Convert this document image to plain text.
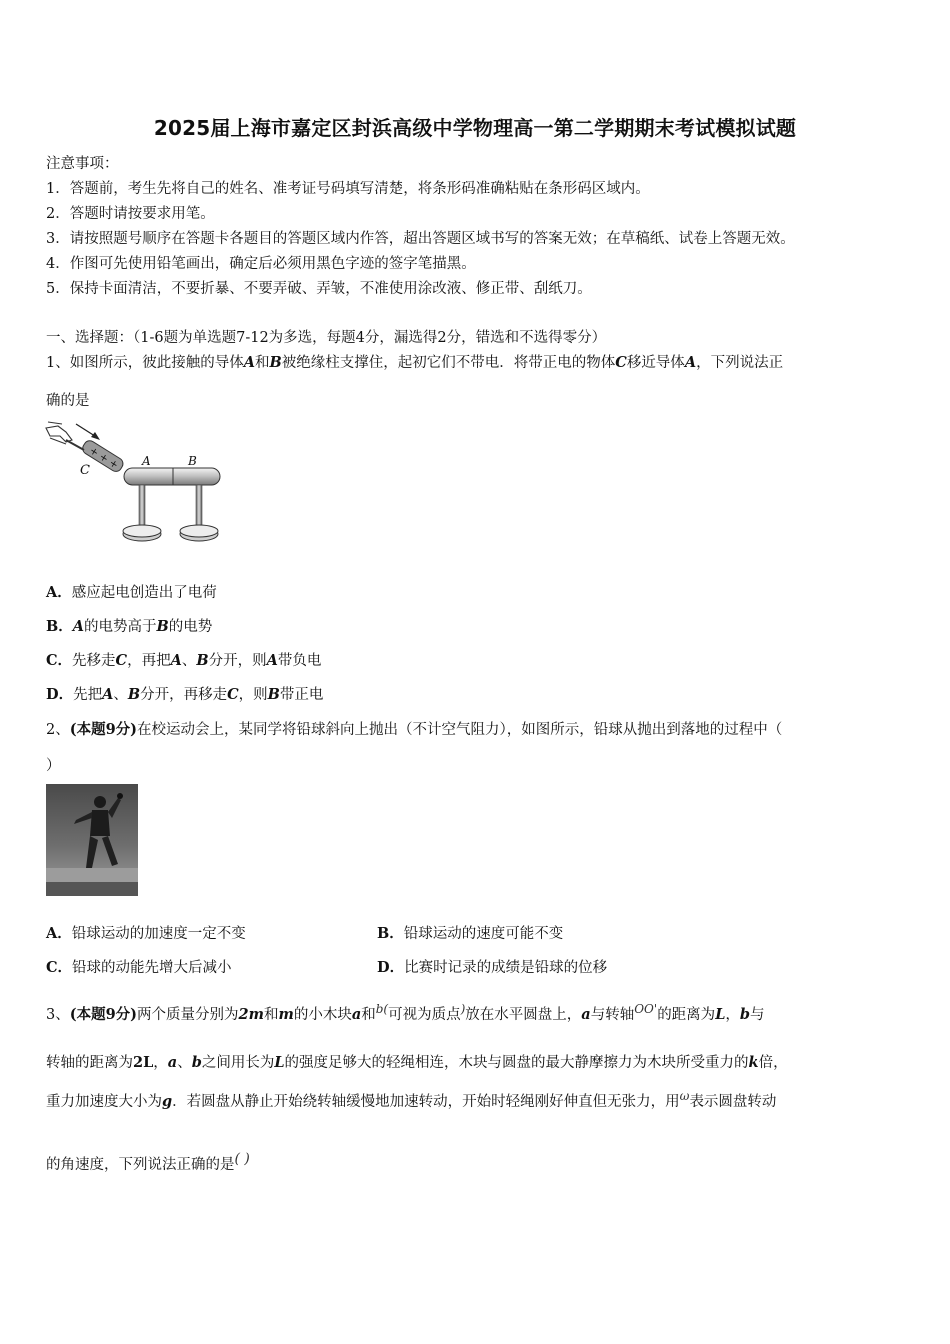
2025届上海市嘉定区封浜高级中学物理高一第二学期期末考试模拟试题
注意事项：
1．答题前，考生先将自己的姓名、准考证号码填写清楚，将条形码准确粘贴在条形码区域内。
2．答题时请按要求用笔。
3．请按照题号顺序在答题卡各题目的答题区域内作答，超出答题区域书写的答案无效；在草稿纸、试卷上答题无效。
4．作图可先使用铅笔画出，确定后必须用黑色字迹的签字笔描黑。
5．保持卡面清洁，不要折暴、不要弄破、弄皱，不准使用涂改液、修正带、刮纸刀。
一、选择题：（1-6题为单选题7-12为多选，每题4分，漏选得2分，错选和不选得零分）
1、如图所示，彼此接触的导体A和B被绝缘柱支撑住，起初它们不带电．将带正电的物体C移近导体A，下列说法正
确的是
+ + +
C
A	B
A．感应起电创造出了电荷
B．A的电势高于B的电势
C．先移走C，再把A、B分开，则A带负电
D．先把A、B分开，再移走C，则B带正电
2、(本题9分)在校运动会上，某同学将铅球斜向上抛出（不计空气阻力），如图所示，铅球从抛出到落地的过程中（
）
A．铅球运动的加速度一定不变	B．铅球运动的速度可能不变
C．铅球的动能先增大后减小	D．比赛时记录的成绩是铅球的位移
3、(本题9分)两个质量分别为2m和m的小木块a和$^{b(}$可视为质点)放在水平圆盘上，a与转轴$^{OO'}$的距离为L，b与
转轴的距离为2L，a、b之间用长为L的强度足够大的轻绳相连，木块与圆盘的最大静摩擦力为木块所受重力的k倍，
重力加速度大小为g．若圆盘从静止开始绕转轴缓慢地加速转动，开始时轻绳刚好伸直但无张力，用$^\omega$表示圆盘转动
的角速度，下列说法正确的是( )
